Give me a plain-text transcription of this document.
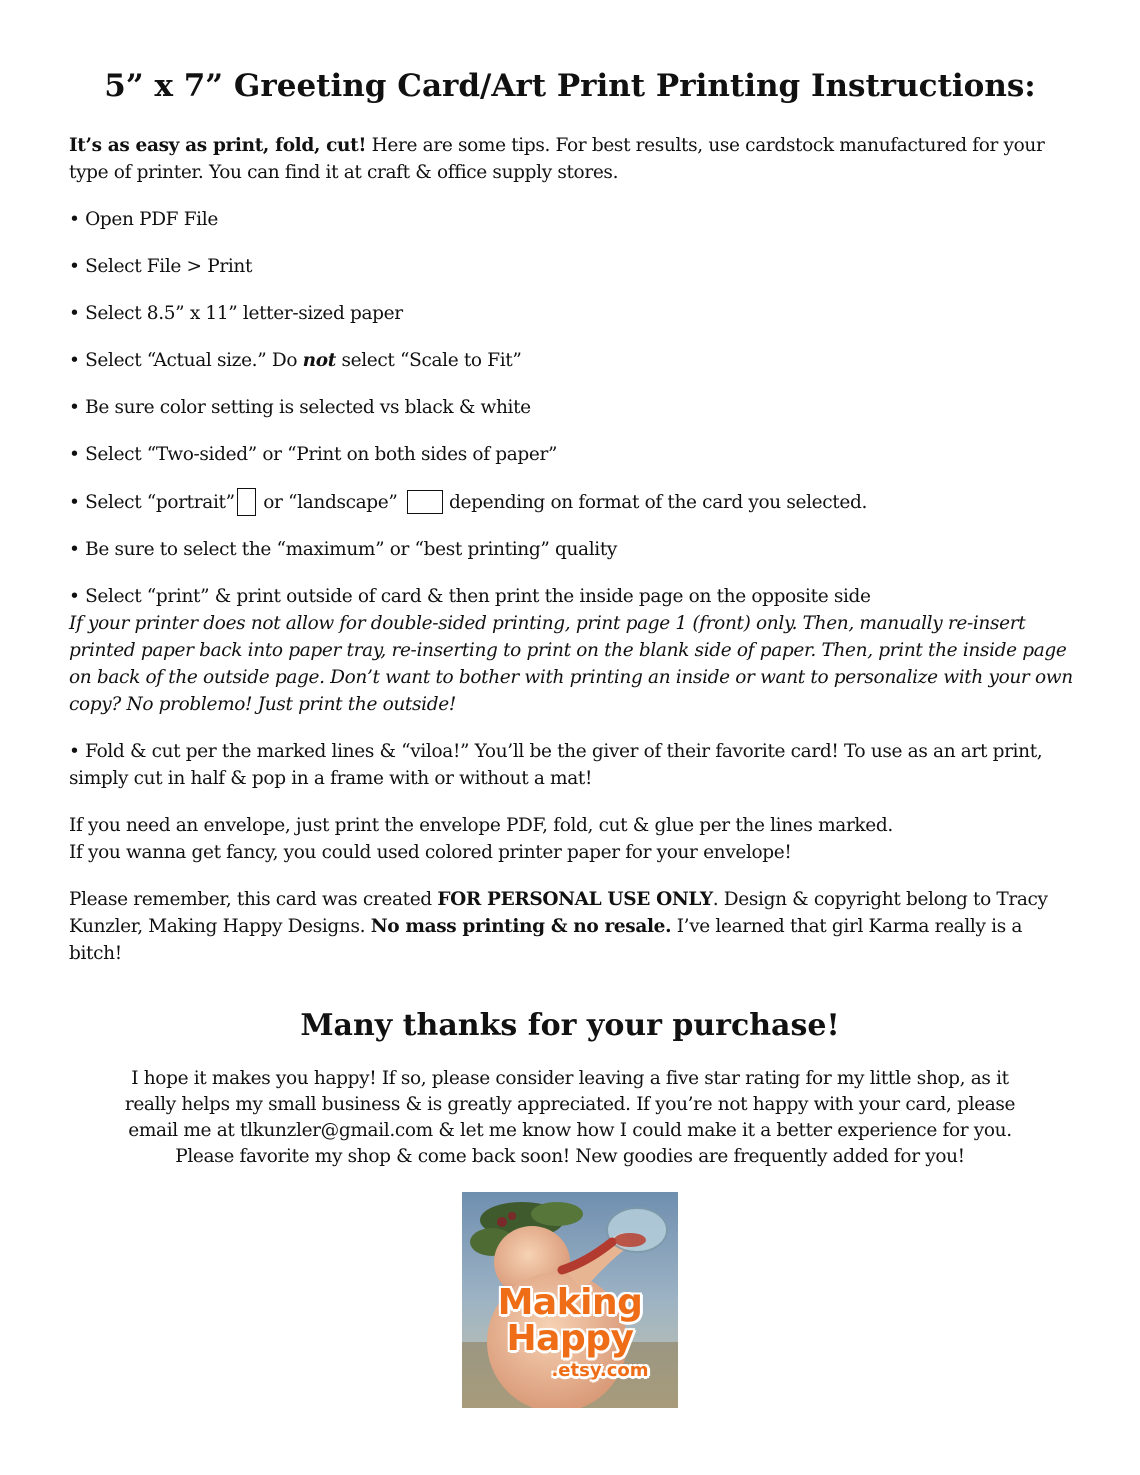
5” x 7” Greeting Card/Art Print Printing Instructions:

It’s as easy as print, fold, cut! Here are some tips. For best results, use cardstock manufactured for your type of printer. You can find it at craft & office supply stores.

• Open PDF File

• Select File > Print

• Select 8.5” x 11” letter-sized paper

• Select “Actual size.” Do not select “Scale to Fit”

• Be sure color setting is selected vs black & white

• Select “Two-sided” or “Print on both sides of paper”

• Select “portrait” or “landscape” depending on format of the card you selected.

• Be sure to select the “maximum” or “best printing” quality

• Select “print” & print outside of card & then print the inside page on the opposite side

If your printer does not allow for double-sided printing, print page 1 (front) only. Then, manually re-insert printed paper back into paper tray, re-inserting to print on the blank side of paper. Then, print the inside page on back of the outside page. Don’t want to bother with printing an inside or want to personalize with your own copy? No problemo! Just print the outside!

• Fold & cut per the marked lines & “viloa!” You’ll be the giver of their favorite card! To use as an art print, simply cut in half & pop in a frame with or without a mat!

If you need an envelope, just print the envelope PDF, fold, cut & glue per the lines marked.
If you wanna get fancy, you could used colored printer paper for your envelope!

Please remember, this card was created FOR PERSONAL USE ONLY. Design & copyright belong to Tracy Kunzler, Making Happy Designs. No mass printing & no resale. I’ve learned that girl Karma really is a bitch!

Many thanks for your purchase!
I hope it makes you happy! If so, please consider leaving a five star rating for my little shop, as it
really helps my small business & is greatly appreciated. If you’re not happy with your card, please
email me at tlkunzler@gmail.com & let me know how I could make it a better experience for you.
Please favorite my shop & come back soon! New goodies are frequently added for you!
Making
Happy
.etsy.com
